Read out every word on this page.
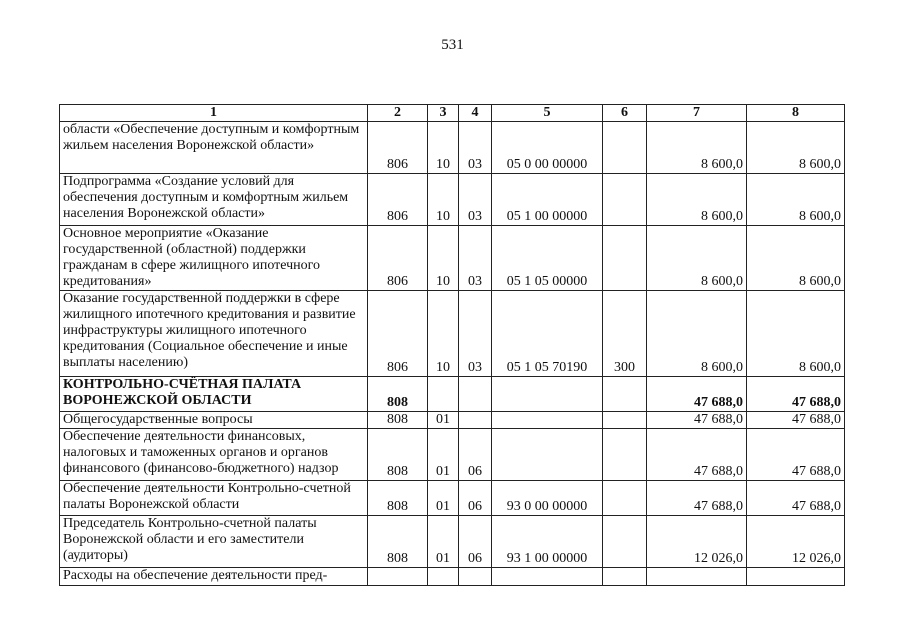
531
1	2	3	4	5	6	7	8
области «Обеспечение доступным и комфортным жильем населения Воронежской области»	806	10	03	05 0 00 00000		8 600,0	8 600,0
Подпрограмма «Создание условий для обеспечения доступным и комфортным жильем населения Воронежской области»	806	10	03	05 1 00 00000		8 600,0	8 600,0
Основное мероприятие «Оказание государственной (областной) поддержки гражданам в сфере жилищного ипотечного кредитования»	806	10	03	05 1 05 00000		8 600,0	8 600,0
Оказание государственной поддержки в сфере жилищного ипотечного кредитования и развитие инфраструктуры жилищного ипотечного кредитования (Социальное обеспечение и иные выплаты населению)	806	10	03	05 1 05 70190	300	8 600,0	8 600,0
КОНТРОЛЬНО-СЧЁТНАЯ ПАЛАТА ВОРОНЕЖСКОЙ ОБЛАСТИ	808					47 688,0	47 688,0
Общегосударственные вопросы	808	01				47 688,0	47 688,0
Обеспечение деятельности финансовых, налоговых и таможенных органов и органов финансового (финансово-бюджетного) надзор	808	01	06			47 688,0	47 688,0
Обеспечение деятельности Контрольно-счетной палаты Воронежской области	808	01	06	93 0 00 00000		47 688,0	47 688,0
Председатель Контрольно-счетной палаты Воронежской области и его заместители (аудиторы)	808	01	06	93 1 00 00000		12 026,0	12 026,0
Расходы на обеспечение деятельности пред-							
